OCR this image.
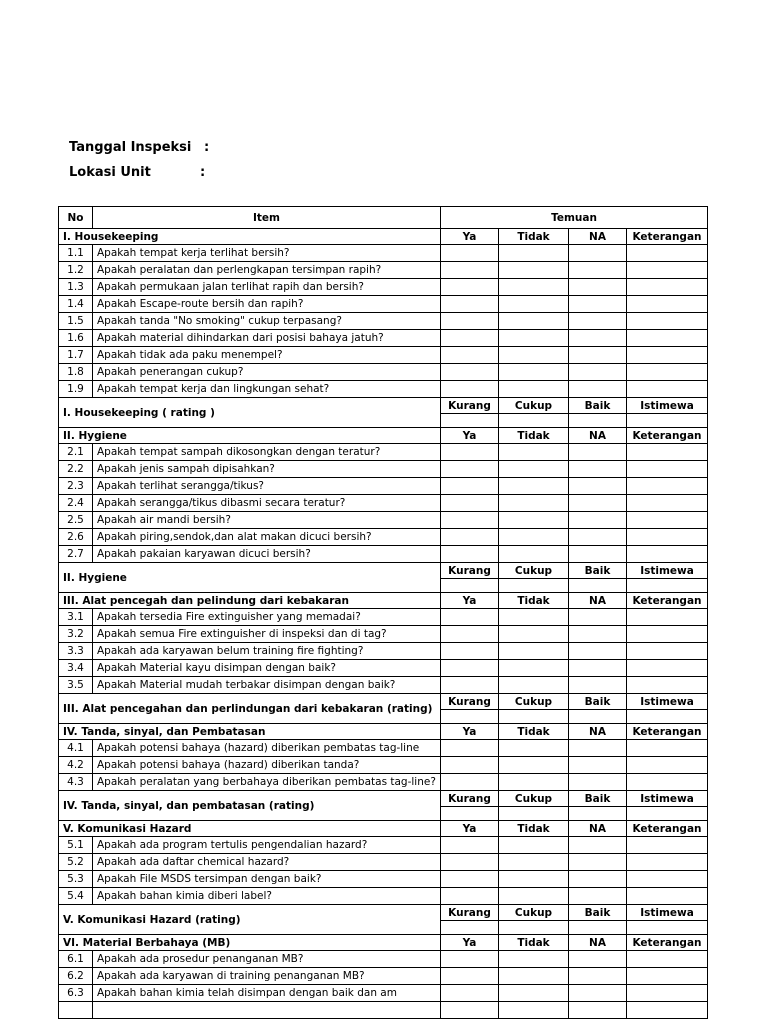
Tanggal Inspeksi :
Lokasi Unit	:
No	Item	Temuan			
I. Housekeeping		Ya	Tidak	NA	Keterangan
1.1	Apakah tempat kerja terlihat bersih?				
1.2	Apakah peralatan dan perlengkapan tersimpan rapih?				
1.3	Apakah permukaan jalan terlihat rapih dan bersih?				
1.4	Apakah Escape-route bersih dan rapih?				
1.5	Apakah tanda "No smoking" cukup terpasang?				
1.6	Apakah material dihindarkan dari posisi bahaya jatuh?				
1.7	Apakah tidak ada paku menempel?				
1.8	Apakah penerangan cukup?				
1.9	Apakah tempat kerja dan lingkungan sehat?				
I. Housekeeping ( rating )		Kurang	Cukup	Baik	Istimewa

II. Hygiene		Ya	Tidak	NA	Keterangan
2.1	Apakah tempat sampah dikosongkan dengan teratur?				
2.2	Apakah jenis sampah dipisahkan?				
2.3	Apakah terlihat serangga/tikus?				
2.4	Apakah serangga/tikus dibasmi secara teratur?				
2.5	Apakah air mandi bersih?				
2.6	Apakah piring,sendok,dan alat makan dicuci bersih?				
2.7	Apakah pakaian karyawan dicuci bersih?				
II. Hygiene		Kurang	Cukup	Baik	Istimewa

III. Alat pencegah dan pelindung dari kebakaran		Ya	Tidak	NA	Keterangan
3.1	Apakah tersedia Fire extinguisher yang memadai?				
3.2	Apakah semua Fire extinguisher di inspeksi dan di tag?				
3.3	Apakah ada karyawan belum training fire fighting?				
3.4	Apakah Material kayu disimpan dengan baik?				
3.5	Apakah Material mudah terbakar disimpan dengan baik?				
III. Alat pencegahan dan perlindungan dari kebakaran (rating)		Kurang	Cukup	Baik	Istimewa

IV. Tanda, sinyal, dan Pembatasan		Ya	Tidak	NA	Keterangan
4.1	Apakah potensi bahaya (hazard) diberikan pembatas tag-line				
4.2	Apakah potensi bahaya (hazard) diberikan tanda?				
4.3	Apakah peralatan yang berbahaya diberikan pembatas tag-line?				
IV. Tanda, sinyal, dan pembatasan (rating)		Kurang	Cukup	Baik	Istimewa

V. Komunikasi Hazard		Ya	Tidak	NA	Keterangan
5.1	Apakah ada program tertulis pengendalian hazard?				
5.2	Apakah ada daftar chemical hazard?				
5.3	Apakah File MSDS tersimpan dengan baik?				
5.4	Apakah bahan kimia diberi label?				
V. Komunikasi Hazard (rating)		Kurang	Cukup	Baik	Istimewa

VI. Material Berbahaya (MB)		Ya	Tidak	NA	Keterangan
6.1	Apakah ada prosedur penanganan MB?				
6.2	Apakah ada karyawan di training penanganan MB?				
6.3	Apakah bahan kimia telah disimpan dengan baik dan am				
